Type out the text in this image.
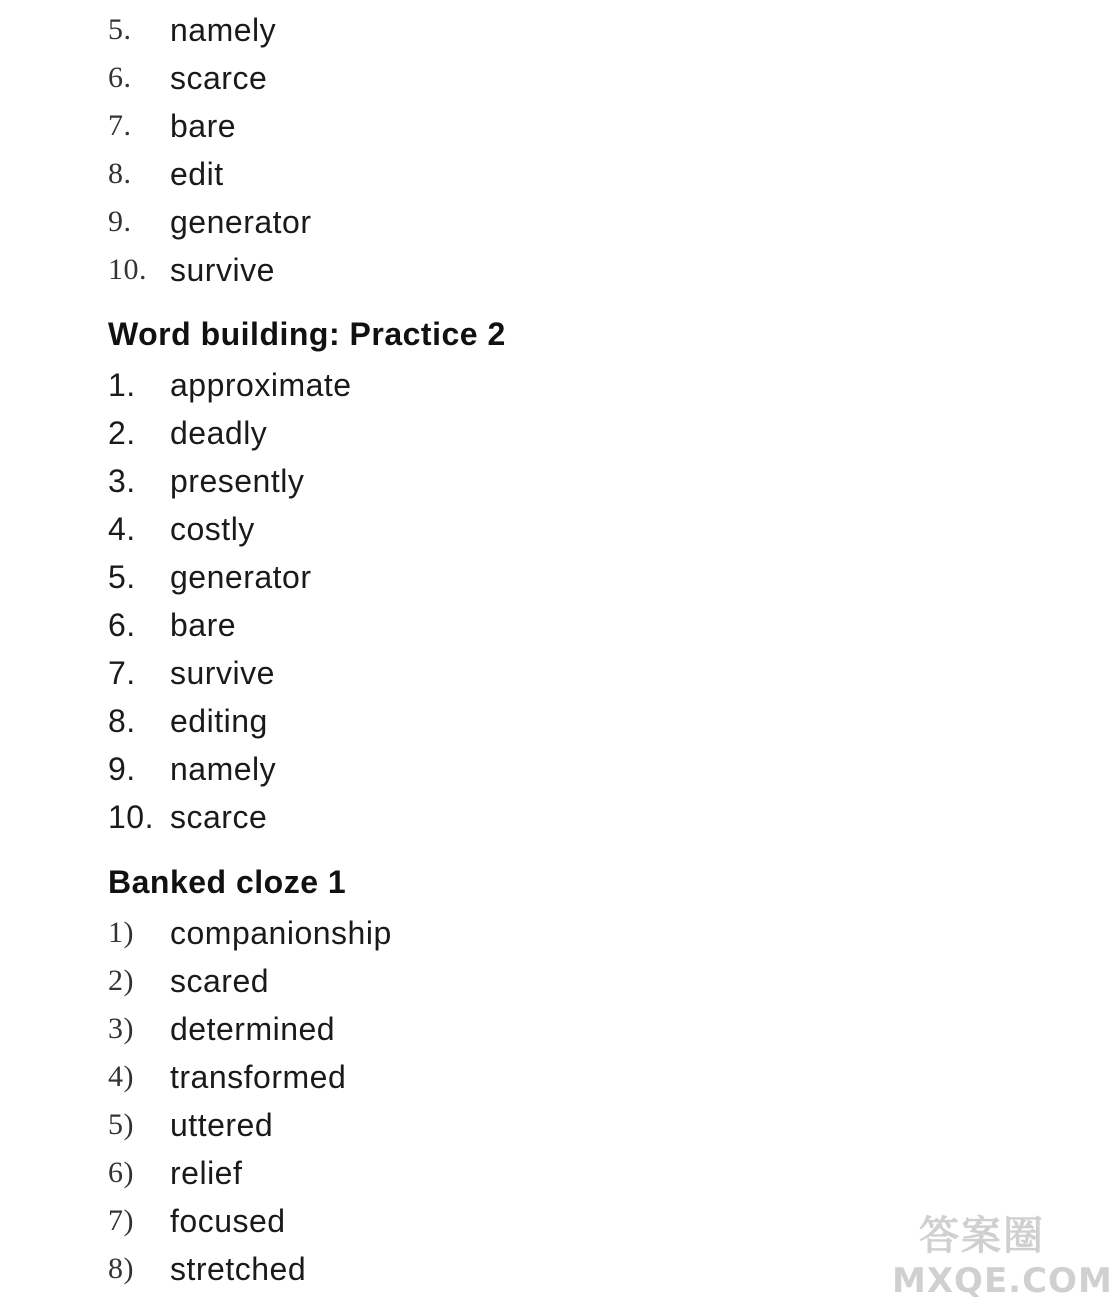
5.	namely
6.	scarce
7.	bare
8.	edit
9.	generator
10. survive
Word building: Practice 2
1.	approximate
2.	deadly
3.	presently
4.	costly
5.	generator
6.	bare
7.	survive
8.	editing
9.	namely
10. scarce
Banked cloze 1
1)	companionship
2)	scared
3)	determined
4)	transformed
5)	uttered
6)	relief
7)	focused
8)	stretched
答案圈
MXQE.COM
